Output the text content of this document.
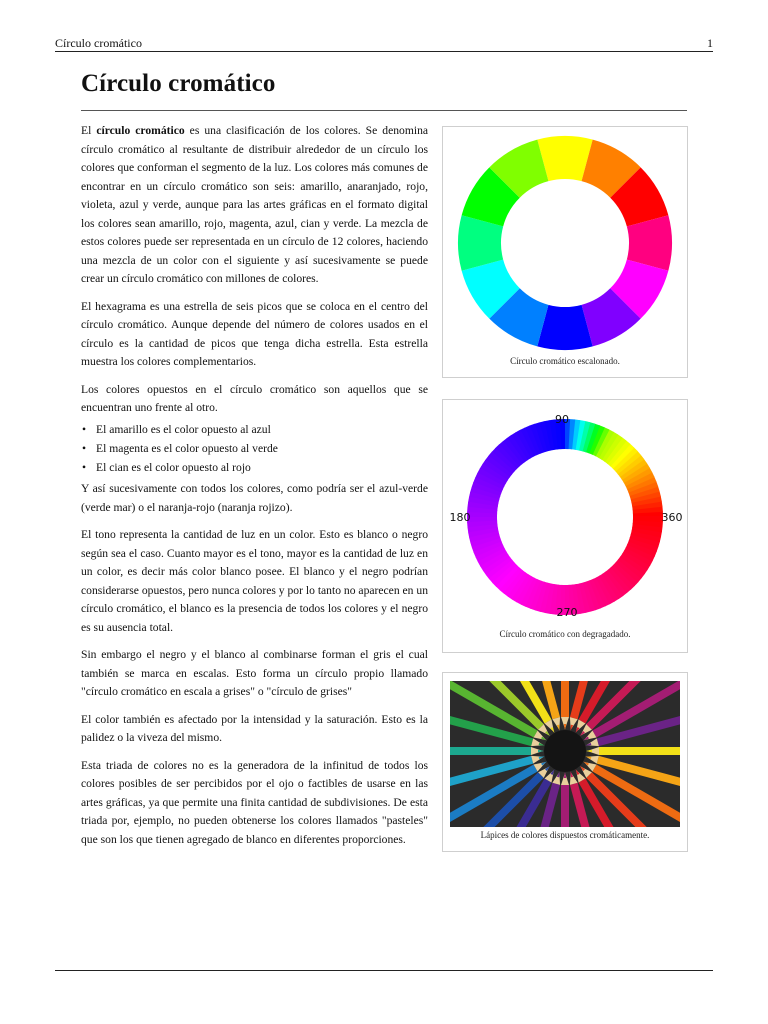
Círculo cromático	1
Círculo cromático

El círculo cromático es una clasificación de los colores. Se denomina círculo cromático al resultante de distribuir alrededor de un círculo los colores que conforman el segmento de la luz. Los colores más comunes de encontrar en un círculo cromático son seis: amarillo, anaranjado, rojo, violeta, azul y verde, aunque para las artes gráficas en el formato digital los colores sean amarillo, rojo, magenta, azul, cian y verde. La mezcla de estos colores puede ser representada en un círculo de 12 colores, haciendo una mezcla de un color con el siguiente y así sucesivamente se puede crear un círculo cromático con millones de colores.

El hexagrama es una estrella de seis picos que se coloca en el centro del círculo cromático. Aunque depende del número de colores usados en el círculo es la cantidad de picos que tenga dicha estrella. Esta estrella muestra los colores complementarios.

Los colores opuestos en el círculo cromático son aquellos que se encuentran uno frente al otro.

• El amarillo es el color opuesto al azul
• El magenta es el color opuesto al verde
• El cian es el color opuesto al rojo

Y así sucesivamente con todos los colores, como podría ser el azul-verde (verde mar) o el naranja-rojo (naranja rojizo).

El tono representa la cantidad de luz en un color. Esto es blanco o negro según sea el caso. Cuanto mayor es el tono, mayor es la cantidad de luz en un color, es decir más color blanco posee. El blanco y el negro podrían considerarse opuestos, pero nunca colores y por lo tanto no aparecen en un círculo cromático, el blanco es la presencia de todos los colores y el negro es su ausencia total.

Sin embargo el negro y el blanco al combinarse forman el gris el cual también se marca en escalas. Esto forma un círculo propio llamado "círculo cromático en escala a grises" o "círculo de grises"

El color también es afectado por la intensidad y la saturación. Esto es la palidez o la viveza del mismo.

Esta triada de colores no es la generadora de la infinitud de todos los colores posibles de ser percibidos por el ojo o factibles de usarse en las artes gráficas, ya que permite una finita cantidad de subdivisiones. De esta triada por, ejemplo, no pueden obtenerse los colores llamados "pasteles" que son los que tienen agregado de blanco en diferentes proporciones.

Círculo cromático escalonado.
90
360
270
180
Círculo cromático con degragadado.
Lápices de colores dispuestos cromáticamente.
